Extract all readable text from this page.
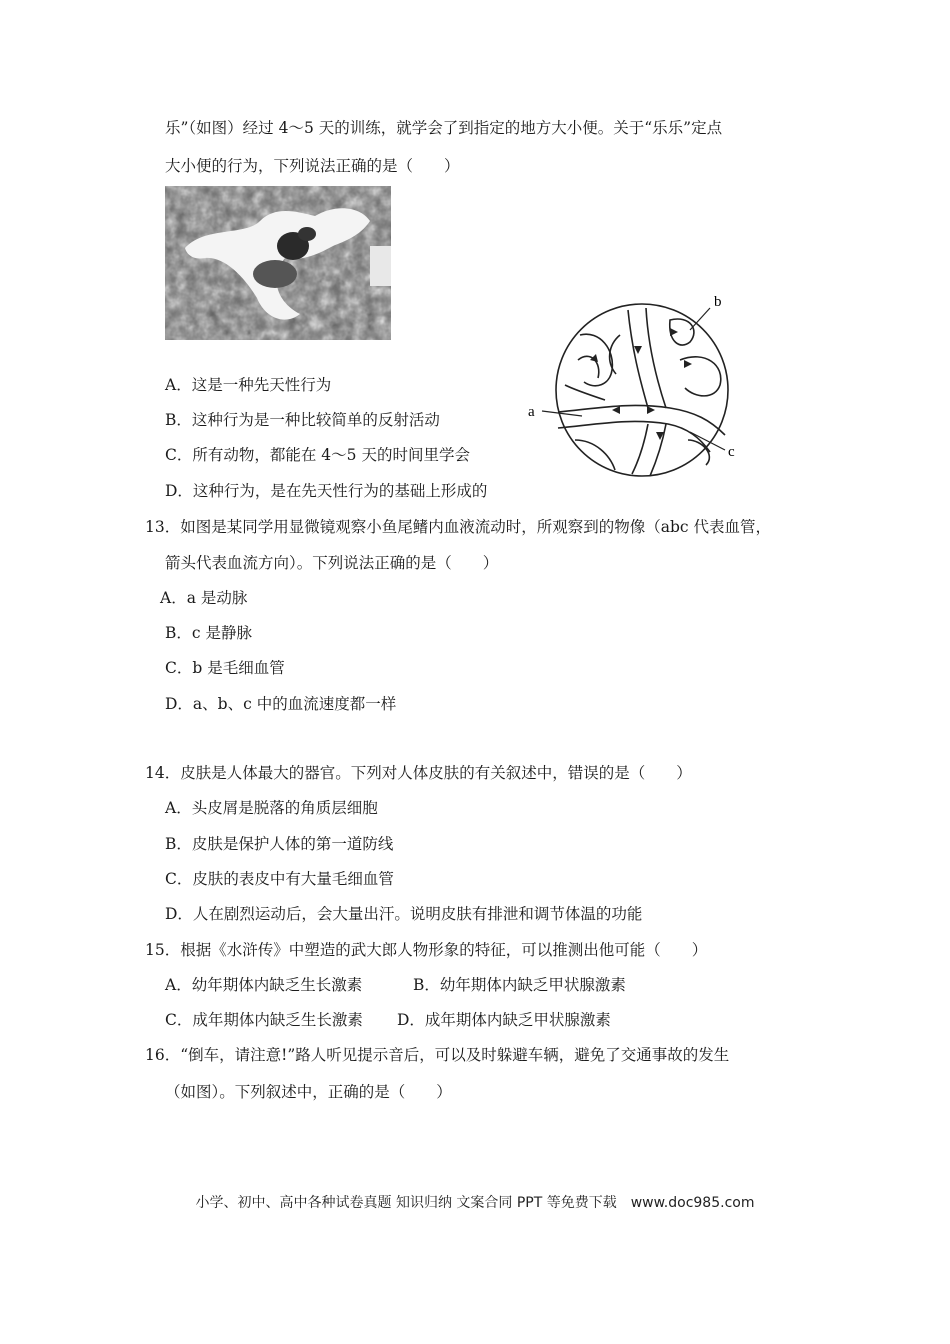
乐”（如图）经过 4～5 天的训练，就学会了到指定的地方大小便。关于“乐乐”定点
大小便的行为，下列说法正确的是（　　）
A．这是一种先天性行为
B．这种行为是一种比较简单的反射活动
C．所有动物，都能在 4～5 天的时间里学会
D．这种行为，是在先天性行为的基础上形成的
a
b
c
13．如图是某同学用显微镜观察小鱼尾鳍内血液流动时，所观察到的物像（abc 代表血管，
箭头代表血流方向）。下列说法正确的是（　　）
A．a 是动脉
B．c 是静脉
C．b 是毛细血管
D．a、b、c 中的血流速度都一样
14．皮肤是人体最大的器官。下列对人体皮肤的有关叙述中，错误的是（　　）
A．头皮屑是脱落的角质层细胞
B．皮肤是保护人体的第一道防线
C．皮肤的表皮中有大量毛细血管
D．人在剧烈运动后，会大量出汗。说明皮肤有排泄和调节体温的功能
15．根据《水浒传》中塑造的武大郎人物形象的特征，可以推测出他可能（　　）
A．幼年期体内缺乏生长激素	B．幼年期体内缺乏甲状腺激素
C．成年期体内缺乏生长激素 D．成年期体内缺乏甲状腺激素
16．“倒车，请注意!”路人听见提示音后，可以及时躲避车辆，避免了交通事故的发生
（如图）。下列叙述中，正确的是（　　）
小学、初中、高中各种试卷真题 知识归纳 文案合同 PPT 等免费下载　www.doc985.com
